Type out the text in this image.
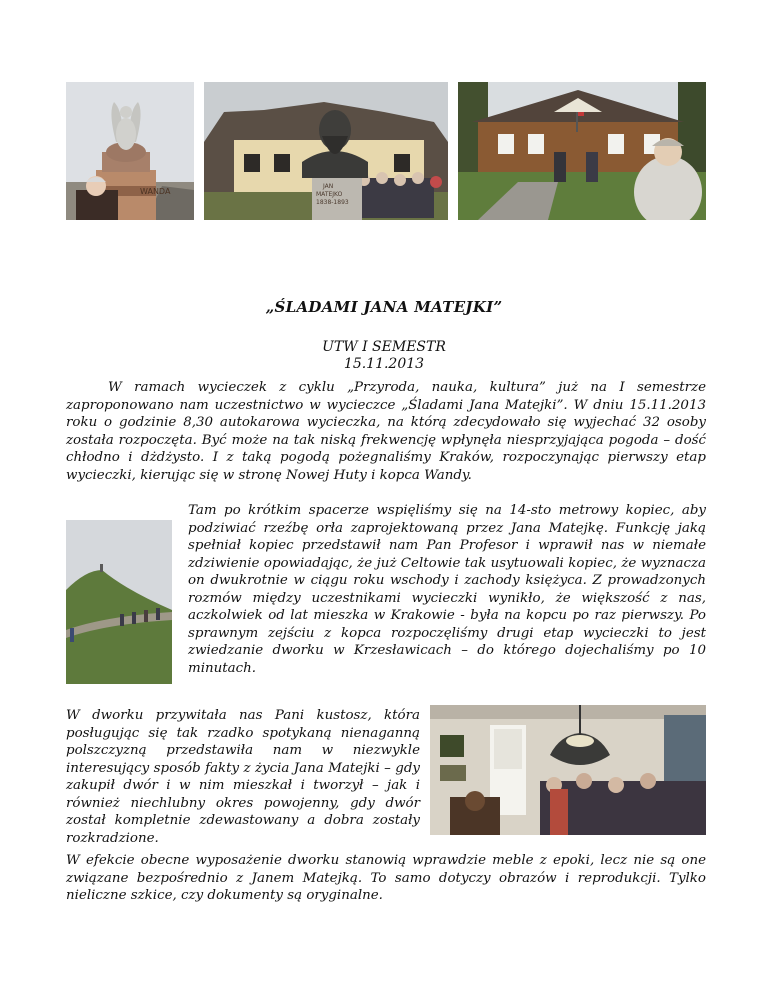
WANDA
JAN
MATEJKO
1838-1893
„ŚLADAMI JANA MATEJKI”
UTW I SEMESTR
15.11.2013

W ramach wycieczek z cyklu „Przyroda, nauka, kultura” już na I semestrze zaproponowano nam uczestnictwo w wycieczce „Śladami Jana Matejki”. W dniu 15.11.2013 roku o godzinie 8,30 autokarowa wycieczka, na którą zdecydowało się wyjechać 32 osoby została rozpoczęta. Być może na tak niską frekwencję wpłynęła niesprzyjająca pogoda – dość chłodno i dżdżysto. I z taką pogodą pożegnaliśmy Kraków, rozpoczynając pierwszy etap wycieczki, kierując się w stronę Nowej Huty i kopca Wandy.

Tam po krótkim spacerze wspięliśmy się na 14-sto metrowy kopiec, aby podziwiać rzeźbę orła zaprojektowaną przez Jana Matejkę. Funkcję jaką spełniał kopiec przedstawił nam Pan Profesor i wprawił nas w niemałe zdziwienie opowiadając, że już Celtowie tak usytuowali kopiec, że wyznacza on dwukrotnie w ciągu roku wschody i zachody księżyca. Z prowadzonych rozmów między uczestnikami wycieczki wynikło, że większość z nas, aczkolwiek od lat mieszka w Krakowie - była na kopcu po raz pierwszy. Po sprawnym zejściu z kopca rozpoczęliśmy drugi etap wycieczki to jest zwiedzanie dworku w Krzesławicach – do którego dojechaliśmy po 10 minutach.

W dworku przywitała nas Pani kustosz, która posługując się tak rzadko spotykaną nienaganną polszczyzną przedstawiła nam w niezwykle interesujący sposób fakty z życia Jana Matejki – gdy zakupił dwór i w nim mieszkał i tworzył – jak i również niechlubny okres powojenny, gdy dwór został kompletnie zdewastowany a dobra zostały rozkradzione.

W efekcie obecne wyposażenie dworku stanowią wprawdzie meble z epoki, lecz nie są one związane bezpośrednio z Janem Matejką. To samo dotyczy obrazów i reprodukcji. Tylko nieliczne szkice, czy dokumenty są oryginalne.
